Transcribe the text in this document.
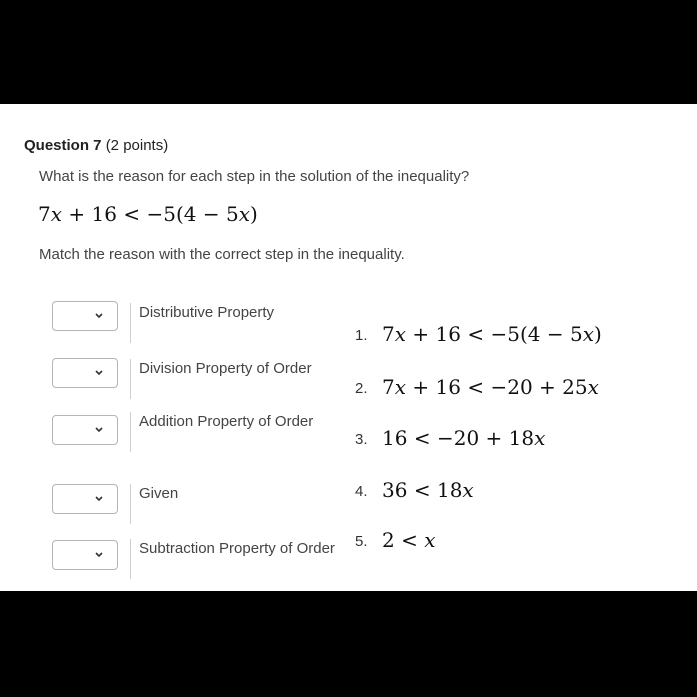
Question 7 (2 points)
What is the reason for each step in the solution of the inequality?
7x + 16 < −5(4 − 5x)
Match the reason with the correct step in the inequality.
Distributive Property
Division Property of Order
Addition Property of Order
Given
Subtraction Property of Order
1. 7x + 16 < −5(4 − 5x)
2. 7x + 16 < −20 + 25x
3. 16 < −20 + 18x
4. 36 < 18x
5. 2 < x
